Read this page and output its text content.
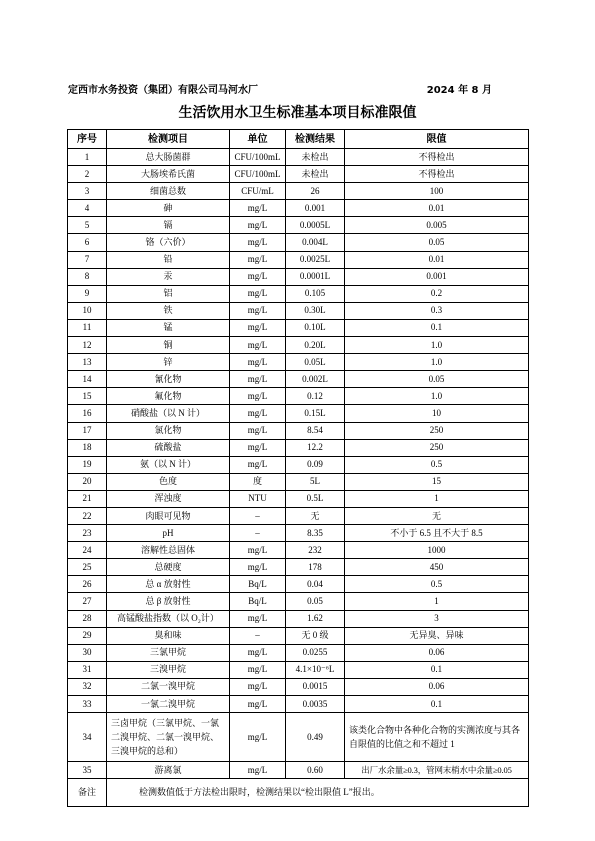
定西市水务投资（集团）有限公司马河水厂	2024 年 8 月
生活饮用水卫生标准基本项目标准限值
序号	检测项目	单位	检测结果	限值
1	总大肠菌群	CFU/100mL	未检出	不得检出
2	大肠埃希氏菌	CFU/100mL	未检出	不得检出
3	细菌总数	CFU/mL	26	100
4	砷	mg/L	0.001	0.01
5	镉	mg/L	0.0005L	0.005
6	铬（六价）	mg/L	0.004L	0.05
7	铅	mg/L	0.0025L	0.01
8	汞	mg/L	0.0001L	0.001
9	铝	mg/L	0.105	0.2
10	铁	mg/L	0.30L	0.3
11	锰	mg/L	0.10L	0.1
12	铜	mg/L	0.20L	1.0
13	锌	mg/L	0.05L	1.0
14	氰化物	mg/L	0.002L	0.05
15	氟化物	mg/L	0.12	1.0
16	硝酸盐（以 N 计）	mg/L	0.15L	10
17	氯化物	mg/L	8.54	250
18	硫酸盐	mg/L	12.2	250
19	氨（以 N 计）	mg/L	0.09	0.5
20	色度	度	5L	15
21	浑浊度	NTU	0.5L	1
22	肉眼可见物	–	无	无
23	pH	–	8.35	不小于 6.5 且不大于 8.5
24	溶解性总固体	mg/L	232	1000
25	总硬度	mg/L	178	450
26	总 α 放射性	Bq/L	0.04	0.5
27	总 β 放射性	Bq/L	0.05	1
28	高锰酸盐指数（以 O₂计）	mg/L	1.62	3
29	臭和味	–	无 0 级	无异臭、异味
30	三氯甲烷	mg/L	0.0255	0.06
31	三溴甲烷	mg/L	4.1×10⁻⁶L	0.1
32	二氯一溴甲烷	mg/L	0.0015	0.06
33	一氯二溴甲烷	mg/L	0.0035	0.1
34	三卤甲烷（三氯甲烷、一氯二溴甲烷、二氯一溴甲烷、三溴甲烷的总和）	mg/L	0.49	该类化合物中各种化合物的实测浓度与其各自限值的比值之和不超过 1
35	游离氯	mg/L	0.60	出厂水余量≥0.3，管网末梢水中余量≥0.05
备注	检测数值低于方法检出限时，检测结果以“检出限值 L”报出。			
